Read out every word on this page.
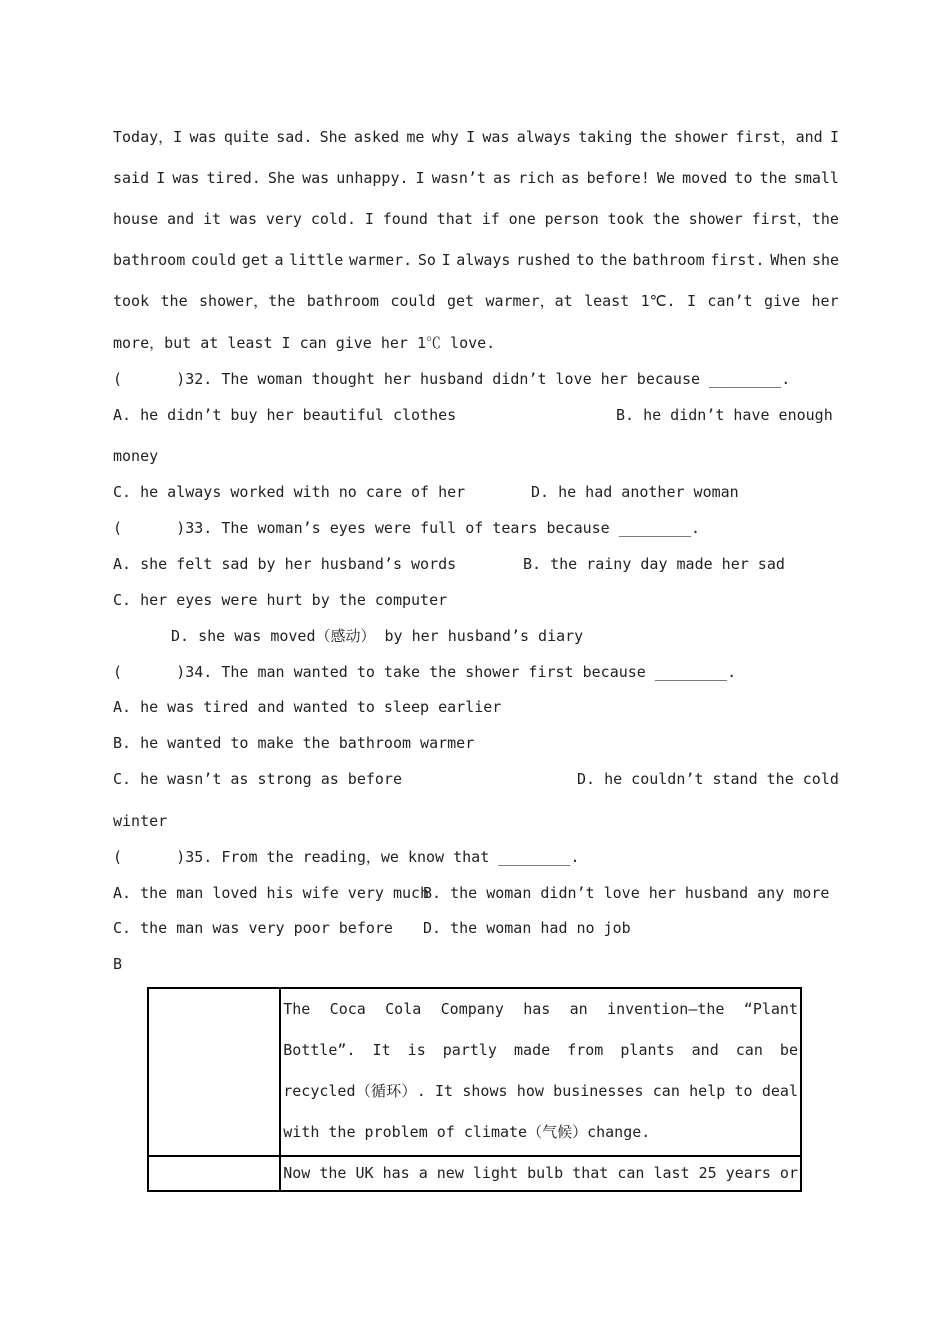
Today，I was quite sad. She asked me why I was always taking the shower first，and I
said I was tired. She was unhappy. I wasn’t as rich as before! We moved to the small
house and it was very cold. I found that if one person took the shower first，the
bathroom could get a little warmer. So I always rushed to the bathroom first. When she
took the shower，the bathroom could get warmer，at least 1℃. I can’t give her
more，but at least I can give her 1℃ love.
(      )32. The woman thought her husband didn’t love her because ________.
A. he didn’t buy her beautiful clothes	B. he didn’t have enough
money
C. he always worked with no care of her	D. he had another woman
(      )33. The woman’s eyes were full of tears because ________.
A. she felt sad by her husband’s words	B. the rainy day made her sad
C. her eyes were hurt by the computer
D. she was moved（感动） by her husband’s diary
(      )34. The man wanted to take the shower first because ________.
A. he was tired and wanted to sleep earlier
B. he wanted to make the bathroom warmer
C. he wasn’t as strong as before	D. he couldn’t stand the cold
winter
(      )35. From the reading，we know that ________.
A. the man loved his wife very much
B. the woman didn’t love her husband any more
C. the man was very poor before D. the woman had no job
B

	The Coca Cola Company has an invention—the “Plant Bottle”. It is partly made from plants and can be recycled（循环）. It shows how businesses can help to deal with the problem of climate（气候）change.

	Now the UK has a new light bulb that can last 25 years or
